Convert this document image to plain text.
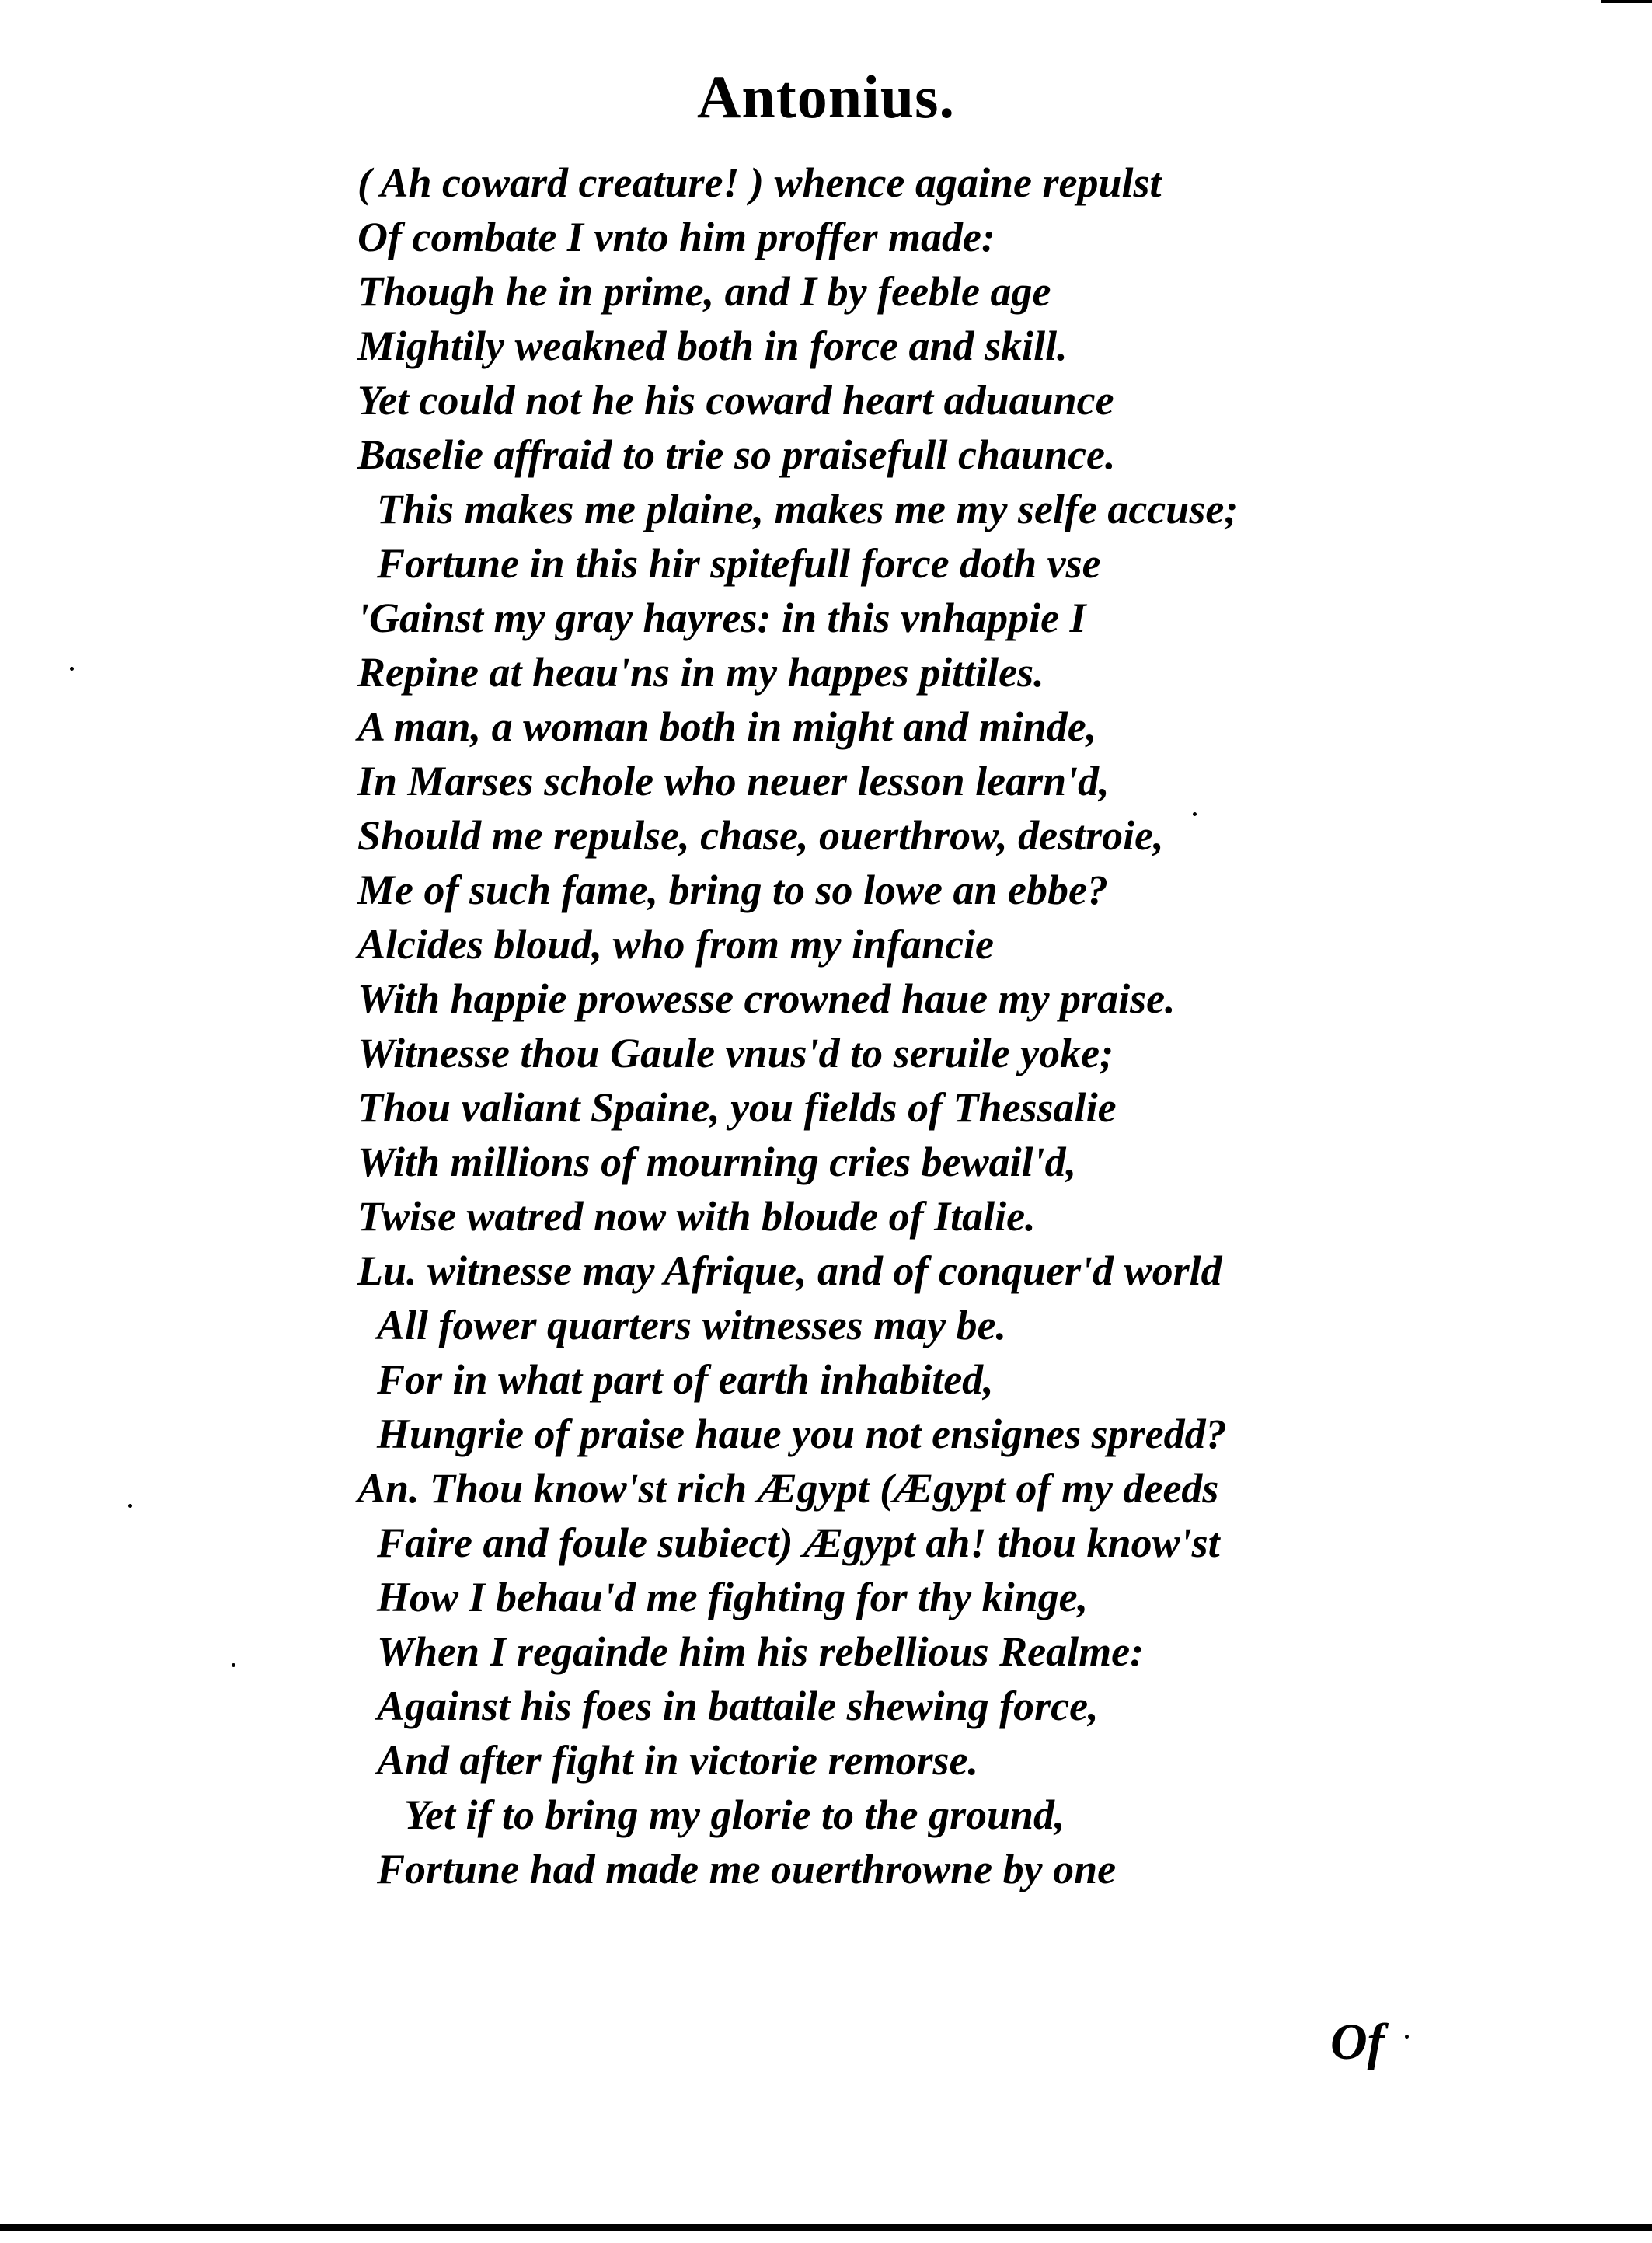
Antonius.
( Ah coward creature! ) whence againe repulst
Of combate I vnto him proffer made:
Though he in prime, and I by feeble age
Mightily weakned both in force and skill.
Yet could not he his coward heart aduaunce
Baselie affraid to trie so praisefull chaunce.
This makes me plaine, makes me my selfe accuse;
Fortune in this hir spitefull force doth vse
'Gainst my gray hayres: in this vnhappie I
Repine at heau'ns in my happes pittiles.
A man, a woman both in might and minde,
In Marses schole who neuer lesson learn'd,
Should me repulse, chase, ouerthrow, destroie,
Me of such fame, bring to so lowe an ebbe?
Alcides bloud, who from my infancie
With happie prowesse crowned haue my praise.
Witnesse thou Gaule vnus'd to seruile yoke;
Thou valiant Spaine, you fields of Thessalie
With millions of mourning cries bewail'd,
Twise watred now with bloude of Italie.
Lu. witnesse may Afrique, and of conquer'd world
All fower quarters witnesses may be.
For in what part of earth inhabited,
Hungrie of praise haue you not ensignes spredd?
An. Thou know'st rich Ægypt (Ægypt of my deeds
Faire and foule subiect) Ægypt ah! thou know'st
How I behau'd me fighting for thy kinge,
When I regainde him his rebellious Realme:
Against his foes in battaile shewing force,
And after fight in victorie remorse.
Yet if to bring my glorie to the ground,
Fortune had made me ouerthrowne by one
Of
